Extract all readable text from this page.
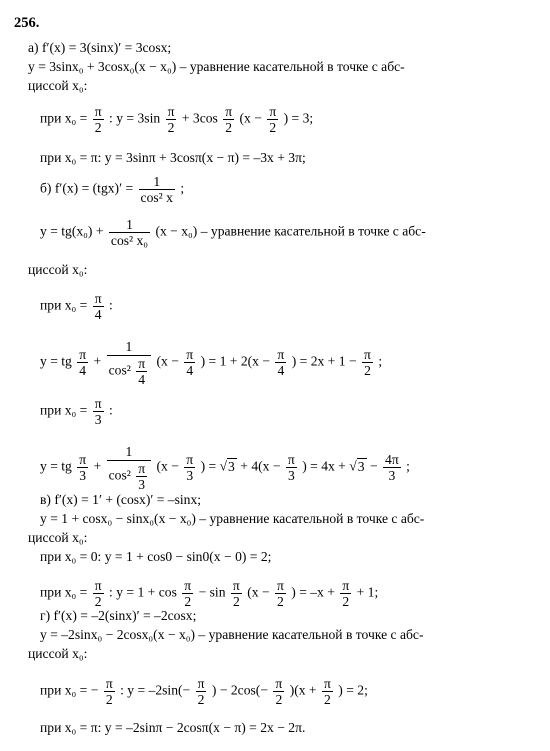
256.
а) f′(x) = 3(sinx)′ = 3cosx;
y = 3sinx₀ + 3cosx₀(x − x₀) – уравнение касательной в точке с абс-
циссой x₀:
при $x_0 = \frac{\pi}{2}$ : $y = 3\sin \frac{\pi}{2} + 3\cos \frac{\pi}{2} (x - \frac{\pi}{2}$ ) = 3;
при x₀ = π: y = 3sinπ + 3cosπ(x − π) = –3x + 3π;
б) $f'(x) = (tgx)' = \frac{1}{\text{cos² x}}$ ;
$y = tg(x_0) + \frac{1}{\text{cos² x₀}} (x - x_0)$ – уравнение касательной в точке с абс-
циссой x₀:
при $x_0 = \frac{\pi}{4}$ :
y = tg $\frac{\pi}{4} + \frac{1}{\cos^2 \frac{\pi}{4}} (x - \frac{\pi}{4}$ ) = $1 + 2(x - \frac{\pi}{4}$ ) = $2x + 1 - \frac{\pi}{2}$ ;
при $x_0 = \frac{\pi}{3}$ :
y = tg $\frac{\pi}{3} + \frac{1}{\cos^2 \frac{\pi}{3}} (x - \frac{\pi}{3}$ ) = $√3 + 4(x - \frac{\pi}{3}$ ) = $4x + √3 - \frac{4\pi}{3}$ ;
в) f′(x) = 1′ + (cosx)′ = –sinx;
y = 1 + cosx₀ − sinx₀(x − x₀) – уравнение касательной в точке с абс-
циссой x₀:
при x₀ = 0: y = 1 + cos0 − sin0(x − 0) = 2;
при $x_0 = \frac{\pi}{2}$ : $y = 1 + \cos \frac{\pi}{2} - \sin \frac{\pi}{2} (x - \frac{\pi}{2}$ ) = $-x + \frac{\pi}{2} + 1$;
г) f′(x) = –2(sinx)′ = –2cosx;
y = –2sinx₀ − 2cosx₀(x − x₀) – уравнение касательной в точке с абс-
циссой x₀:
при x₀ = − $\frac{\pi}{2}$ : $y = -2\sin(- \frac{\pi}{2}$ ) − $2\cos(- \frac{\pi}{2} )(x + \frac{\pi}{2}$ ) = 2;
при x₀ = π: y = –2sinπ − 2cosπ(x − π) = 2x − 2π.
